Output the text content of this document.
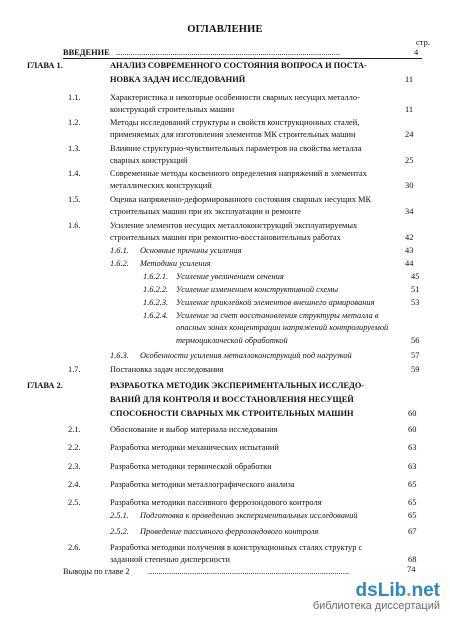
ОГЛАВЛЕНИЕ
стр.
ВВЕДЕНИЕ ...........................................................................................................	4
ГЛАВА 1.	АНАЛИЗ СОВРЕМЕННОГО СОСТОЯНИЯ ВОПРОСА И ПОСТА-
НОВКА ЗАДАЧ ИССЛЕДОВАНИЙ	11
1.1.	Характеристика и некоторые особенности сварных несущих металло-
конструкций строительных машин	11
1.2.	Методы исследований структуры и свойств конструкционных сталей,
применяемых для изготовления элементов МК строительных машин	24
1.3.	Влияние структурно-чувствительных параметров на свойства металла
сварных конструкций	25
1.4.	Современные методы косвенного определения напряжений в элементах
металлических конструкций	30
1.5.	Оценка напряженно-деформированного состояния сварных несущих МК
строительных машин при их эксплуатации и ремонте	34
1.6.	Усиление элементов несущих металлоконструкций эксплуатируемых
строительных машин при ремонтно-восстановительных работах	42
1.6.1. Основные причины усиления	43
1.6.2. Методики усиления	44
1.6.2.1. Усиление увеличением сечения	45
1.6.2.2. Усиление изменением конструктивной схемы	51
1.6.2.3. Усиление приклейкой элементов внешнего армирования	53
1.6.2.4. Усиление за счет восстановления структуры металла в
опасных зонах концентрации напряжений контролируемой
термоциклической обработкой	56
1.6.3. Особенности усиления металлоконструкций под нагрузкой	57
1.7.	Постановка задач исследования	59
ГЛАВА 2.	РАЗРАБОТКА МЕТОДИК ЭКСПЕРИМЕНТАЛЬНЫХ ИССЛЕДО-
ВАНИЙ ДЛЯ КОНТРОЛЯ И ВОССТАНОВЛЕНИЯ НЕСУЩЕЙ
СПОСОБНОСТИ СВАРНЫХ МК СТРОИТЕЛЬНЫХ МАШИН	60
2.1.	Обоснование и выбор материала исследования	60
2.2.	Разработка методики механических испытаний	63
2.3.	Разработка методики термической обработки	63
2.4.	Разработка методики металлографического анализа	65
2.5.	Разработка методики пассивного феррозондового контроля	65
2.5.1. Подготовка к проведению экспериментальных исследований	65
2.5.2. Проведение пассивного феррозондового контроля	67
2.6.	Разработка методики получения в конструкционных сталях структур с
заданной степенью дисперсности	68
Выводы по главе 2 ................................................................................................	74
dsLib.net
библиотека диссертаций
